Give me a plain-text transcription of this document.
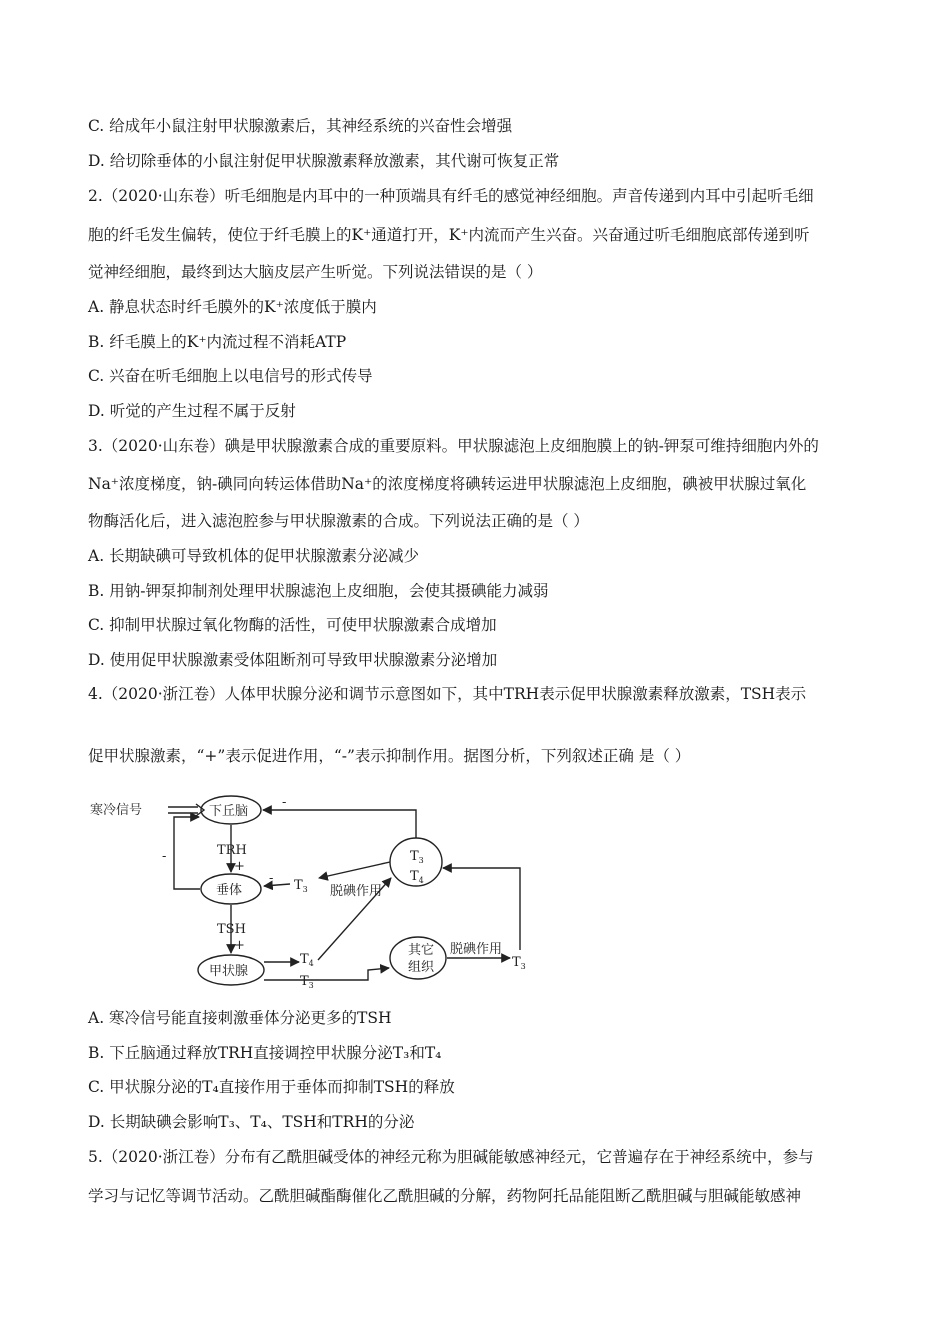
C. 给成年小鼠注射甲状腺激素后，其神经系统的兴奋性会增强
D. 给切除垂体的小鼠注射促甲状腺激素释放激素，其代谢可恢复正常
2.（2020·山东卷）听毛细胞是内耳中的一种顶端具有纤毛的感觉神经细胞。声音传递到内耳中引起听毛细
胞的纤毛发生偏转，使位于纤毛膜上的K⁺通道打开，K⁺内流而产生兴奋。兴奋通过听毛细胞底部传递到听
觉神经细胞，最终到达大脑皮层产生听觉。下列说法错误的是（ ）
A. 静息状态时纤毛膜外的K⁺浓度低于膜内
B. 纤毛膜上的K⁺内流过程不消耗ATP
C. 兴奋在听毛细胞上以电信号的形式传导
D. 听觉的产生过程不属于反射
3.（2020·山东卷）碘是甲状腺激素合成的重要原料。甲状腺滤泡上皮细胞膜上的钠-钾泵可维持细胞内外的
Na⁺浓度梯度，钠-碘同向转运体借助Na⁺的浓度梯度将碘转运进甲状腺滤泡上皮细胞，碘被甲状腺过氧化
物酶活化后，进入滤泡腔参与甲状腺激素的合成。下列说法正确的是（ ）
A. 长期缺碘可导致机体的促甲状腺激素分泌减少
B. 用钠-钾泵抑制剂处理甲状腺滤泡上皮细胞，会使其摄碘能力减弱
C. 抑制甲状腺过氧化物酶的活性，可使甲状腺激素合成增加
D. 使用促甲状腺激素受体阻断剂可导致甲状腺激素分泌增加
4.（2020·浙江卷）人体甲状腺分泌和调节示意图如下，其中TRH表示促甲状腺激素释放激素，TSH表示
促甲状腺激素，“+”表示促进作用，“-”表示抑制作用。据图分析，下列叙述正确 是（ ）
寒冷信号	下丘脑
垂体
甲状腺
其它
组织
脱碘作用
脱碘作用
TRH
TSH
+
+
-
-
-
$T_3$
$T_4$
$T_3$
$T_4$
$T_3$
$T_3$
A. 寒冷信号能直接刺激垂体分泌更多的TSH
B. 下丘脑通过释放TRH直接调控甲状腺分泌T₃和T₄
C. 甲状腺分泌的T₄直接作用于垂体而抑制TSH的释放
D. 长期缺碘会影响T₃、T₄、TSH和TRH的分泌
5.（2020·浙江卷）分布有乙酰胆碱受体的神经元称为胆碱能敏感神经元，它普遍存在于神经系统中，参与
学习与记忆等调节活动。乙酰胆碱酯酶催化乙酰胆碱的分解，药物阿托品能阻断乙酰胆碱与胆碱能敏感神
